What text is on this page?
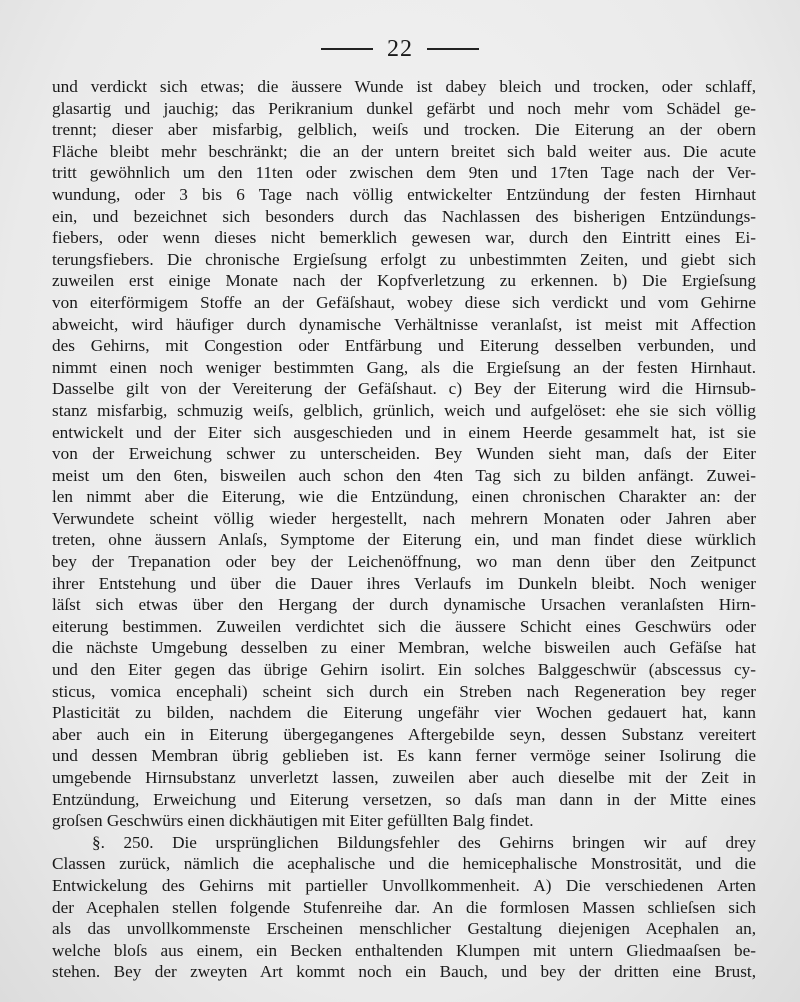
22
und verdickt sich etwas; die äussere Wunde ist dabey bleich und trocken, oder schlaff,
glasartig und jauchig; das Perikranium dunkel gefärbt und noch mehr vom Schädel ge-
trennt; dieser aber misfarbig, gelblich, weiſs und trocken. Die Eiterung an der obern
Fläche bleibt mehr beschränkt; die an der untern breitet sich bald weiter aus. Die acute
tritt gewöhnlich um den 11ten oder zwischen dem 9ten und 17ten Tage nach der Ver-
wundung, oder 3 bis 6 Tage nach völlig entwickelter Entzündung der festen Hirnhaut
ein, und bezeichnet sich besonders durch das Nachlassen des bisherigen Entzündungs-
fiebers, oder wenn dieses nicht bemerklich gewesen war, durch den Eintritt eines Ei-
terungsfiebers. Die chronische Ergieſsung erfolgt zu unbestimmten Zeiten, und giebt sich
zuweilen erst einige Monate nach der Kopfverletzung zu erkennen. b) Die Ergieſsung
von eiterförmigem Stoffe an der Gefäſshaut, wobey diese sich verdickt und vom Gehirne
abweicht, wird häufiger durch dynamische Verhältnisse veranlaſst, ist meist mit Affection
des Gehirns, mit Congestion oder Entfärbung und Eiterung desselben verbunden, und
nimmt einen noch weniger bestimmten Gang, als die Ergieſsung an der festen Hirnhaut.
Dasselbe gilt von der Vereiterung der Gefäſshaut. c) Bey der Eiterung wird die Hirnsub-
stanz misfarbig, schmuzig weiſs, gelblich, grünlich, weich und aufgelöset: ehe sie sich völlig
entwickelt und der Eiter sich ausgeschieden und in einem Heerde gesammelt hat, ist sie
von der Erweichung schwer zu unterscheiden. Bey Wunden sieht man, daſs der Eiter
meist um den 6ten, bisweilen auch schon den 4ten Tag sich zu bilden anfängt. Zuwei-
len nimmt aber die Eiterung, wie die Entzündung, einen chronischen Charakter an: der
Verwundete scheint völlig wieder hergestellt, nach mehrern Monaten oder Jahren aber
treten, ohne äussern Anlaſs, Symptome der Eiterung ein, und man findet diese würklich
bey der Trepanation oder bey der Leichenöffnung, wo man denn über den Zeitpunct
ihrer Entstehung und über die Dauer ihres Verlaufs im Dunkeln bleibt. Noch weniger
läſst sich etwas über den Hergang der durch dynamische Ursachen veranlaſsten Hirn-
eiterung bestimmen. Zuweilen verdichtet sich die äussere Schicht eines Geschwürs oder
die nächste Umgebung desselben zu einer Membran, welche bisweilen auch Gefäſse hat
und den Eiter gegen das übrige Gehirn isolirt. Ein solches Balggeschwür (abscessus cy-
sticus, vomica encephali) scheint sich durch ein Streben nach Regeneration bey reger
Plasticität zu bilden, nachdem die Eiterung ungefähr vier Wochen gedauert hat, kann
aber auch ein in Eiterung übergegangenes Aftergebilde seyn, dessen Substanz vereitert
und dessen Membran übrig geblieben ist. Es kann ferner vermöge seiner Isolirung die
umgebende Hirnsubstanz unverletzt lassen, zuweilen aber auch dieselbe mit der Zeit in
Entzündung, Erweichung und Eiterung versetzen, so daſs man dann in der Mitte eines
groſsen Geschwürs einen dickhäutigen mit Eiter gefüllten Balg findet.
§. 250. Die ursprünglichen Bildungsfehler des Gehirns bringen wir auf drey
Classen zurück, nämlich die acephalische und die hemicephalische Monstrosität, und die
Entwickelung des Gehirns mit partieller Unvollkommenheit. A) Die verschiedenen Arten
der Acephalen stellen folgende Stufenreihe dar. An die formlosen Massen schlieſsen sich
als das unvollkommenste Erscheinen menschlicher Gestaltung diejenigen Acephalen an,
welche bloſs aus einem, ein Becken enthaltenden Klumpen mit untern Gliedmaaſsen be-
stehen. Bey der zweyten Art kommt noch ein Bauch, und bey der dritten eine Brust,
